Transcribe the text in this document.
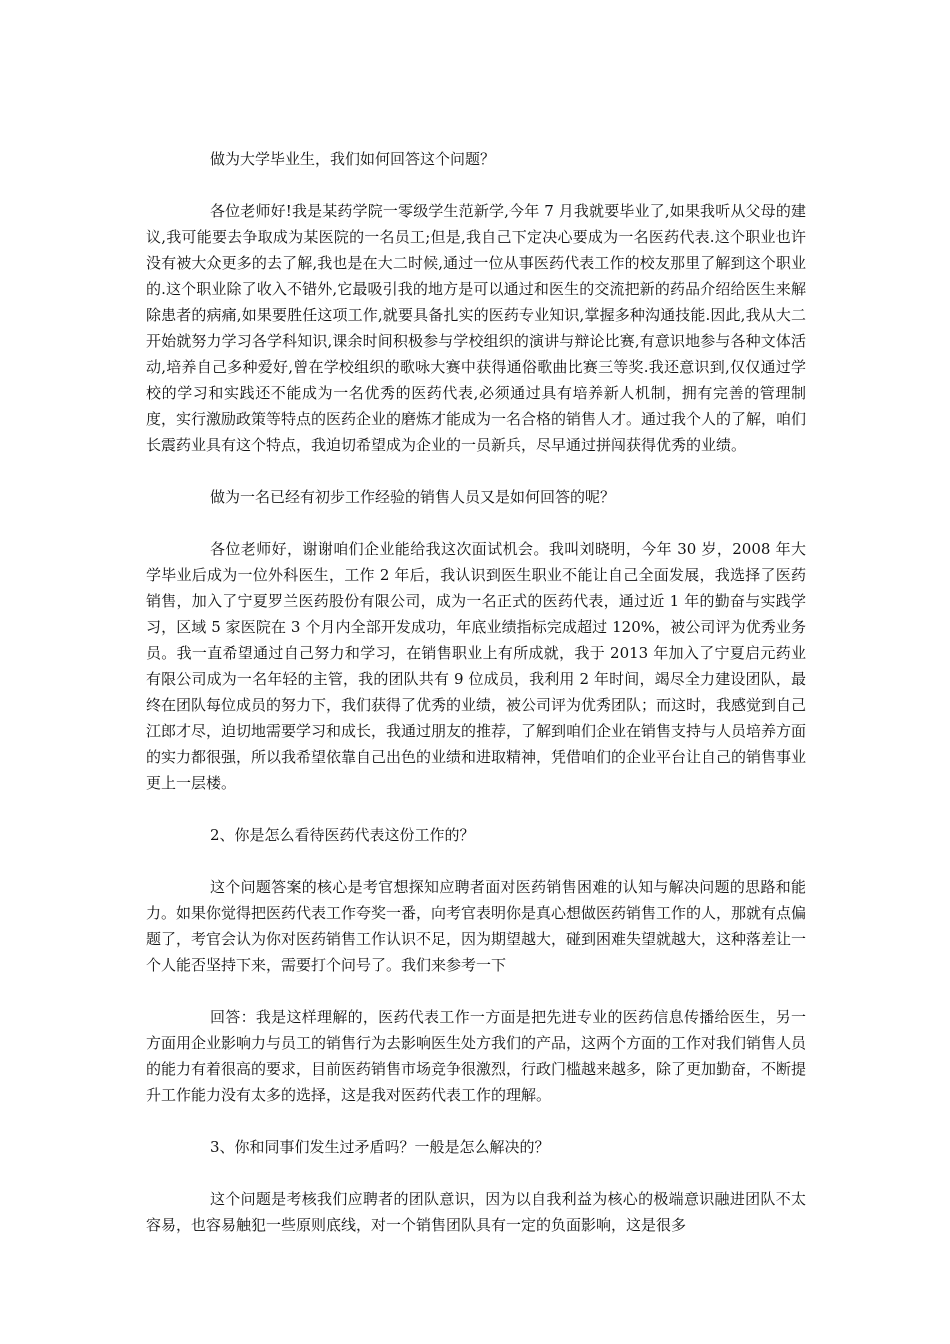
做为大学毕业生，我们如何回答这个问题？

各位老师好!我是某药学院一零级学生范新学,今年 7 月我就要毕业了,如果我听从父母的建议,我可能要去争取成为某医院的一名员工;但是,我自己下定决心要成为一名医药代表.这个职业也许没有被大众更多的去了解,我也是在大二时候,通过一位从事医药代表工作的校友那里了解到这个职业的.这个职业除了收入不错外,它最吸引我的地方是可以通过和医生的交流把新的药品介绍给医生来解除患者的病痛,如果要胜任这项工作,就要具备扎实的医药专业知识,掌握多种沟通技能.因此,我从大二开始就努力学习各学科知识,课余时间积极参与学校组织的演讲与辩论比赛,有意识地参与各种文体活动,培养自己多种爱好,曾在学校组织的歌咏大赛中获得通俗歌曲比赛三等奖.我还意识到,仅仅通过学校的学习和实践还不能成为一名优秀的医药代表,必须通过具有培养新人机制，拥有完善的管理制度，实行激励政策等特点的医药企业的磨炼才能成为一名合格的销售人才。通过我个人的了解，咱们长震药业具有这个特点，我迫切希望成为企业的一员新兵，尽早通过拼闯获得优秀的业绩。

做为一名已经有初步工作经验的销售人员又是如何回答的呢？

各位老师好，谢谢咱们企业能给我这次面试机会。我叫刘晓明，今年 30 岁，2008 年大学毕业后成为一位外科医生，工作 2 年后，我认识到医生职业不能让自己全面发展，我选择了医药销售，加入了宁夏罗兰医药股份有限公司，成为一名正式的医药代表，通过近 1 年的勤奋与实践学习，区域 5 家医院在 3 个月内全部开发成功，年底业绩指标完成超过 120%，被公司评为优秀业务员。我一直希望通过自己努力和学习，在销售职业上有所成就，我于 2013 年加入了宁夏启元药业有限公司成为一名年轻的主管，我的团队共有 9 位成员，我利用 2 年时间，竭尽全力建设团队，最终在团队每位成员的努力下，我们获得了优秀的业绩，被公司评为优秀团队；而这时，我感觉到自己江郎才尽，迫切地需要学习和成长，我通过朋友的推荐，了解到咱们企业在销售支持与人员培养方面的实力都很强，所以我希望依靠自己出色的业绩和进取精神，凭借咱们的企业平台让自己的销售事业更上一层楼。

2、你是怎么看待医药代表这份工作的？

这个问题答案的核心是考官想探知应聘者面对医药销售困难的认知与解决问题的思路和能力。如果你觉得把医药代表工作夸奖一番，向考官表明你是真心想做医药销售工作的人，那就有点偏题了，考官会认为你对医药销售工作认识不足，因为期望越大，碰到困难失望就越大，这种落差让一个人能否坚持下来，需要打个问号了。我们来参考一下

回答：我是这样理解的，医药代表工作一方面是把先进专业的医药信息传播给医生，另一方面用企业影响力与员工的销售行为去影响医生处方我们的产品，这两个方面的工作对我们销售人员的能力有着很高的要求，目前医药销售市场竞争很激烈，行政门槛越来越多，除了更加勤奋，不断提升工作能力没有太多的选择，这是我对医药代表工作的理解。

3、你和同事们发生过矛盾吗？一般是怎么解决的？

这个问题是考核我们应聘者的团队意识，因为以自我利益为核心的极端意识融进团队不太容易，也容易触犯一些原则底线，对一个销售团队具有一定的负面影响，这是很多
